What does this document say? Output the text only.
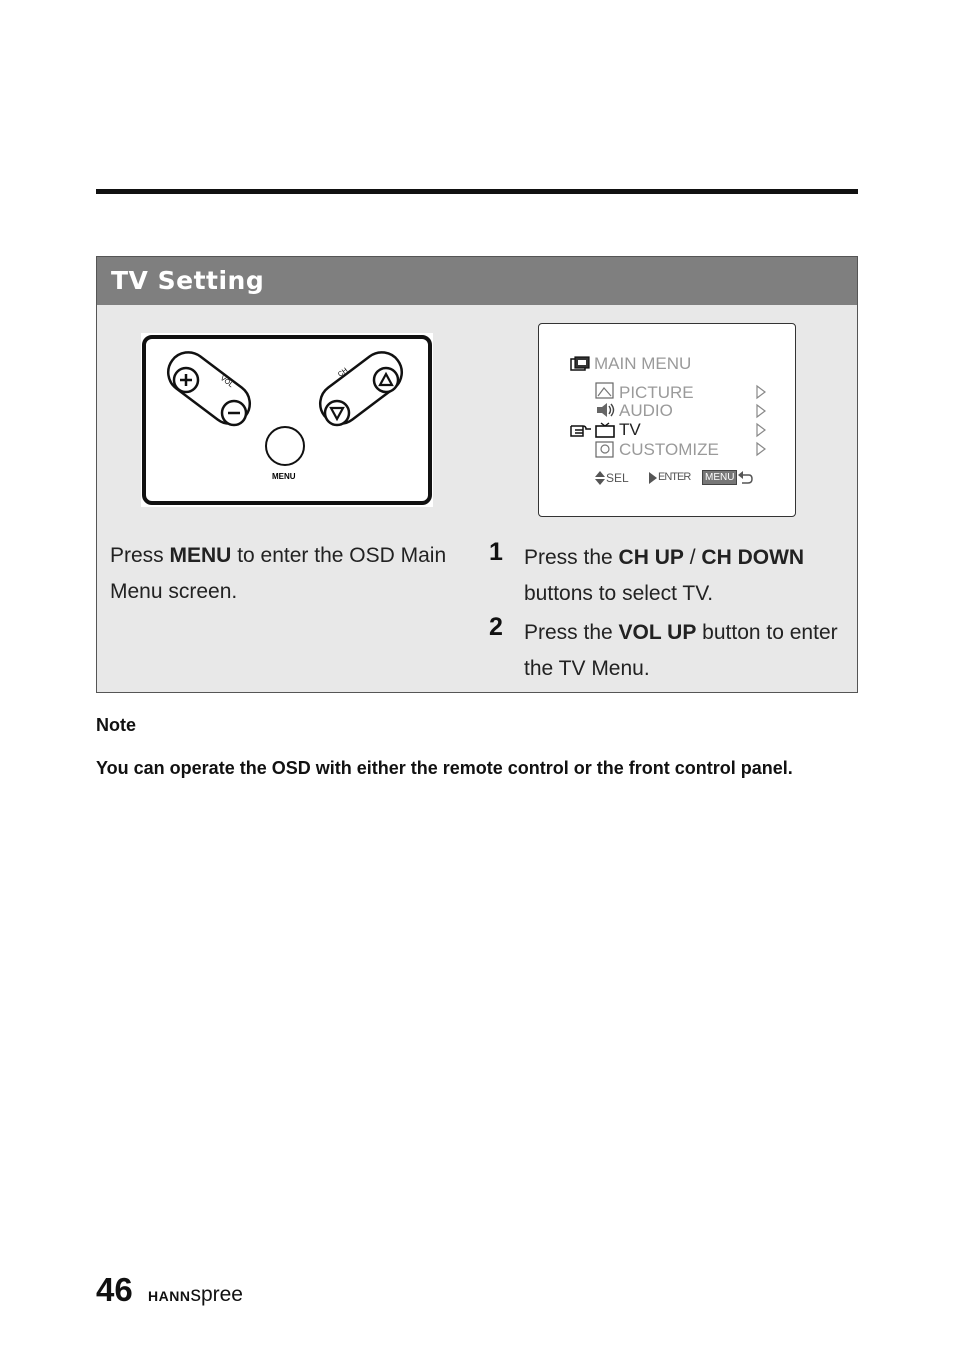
TV Setting
VOL
CH
MENU
MAIN MENU
PICTURE
AUDIO
TV
CUSTOMIZE
SEL	ENTER	MENU
Press MENU to enter the OSD Main Menu screen.
1 Press the CH UP / CH DOWN buttons to select TV.
2 Press the VOL UP button to enter the TV Menu.
Note
You can operate the OSD with either the remote control or the front control panel.
46 HANNspree
